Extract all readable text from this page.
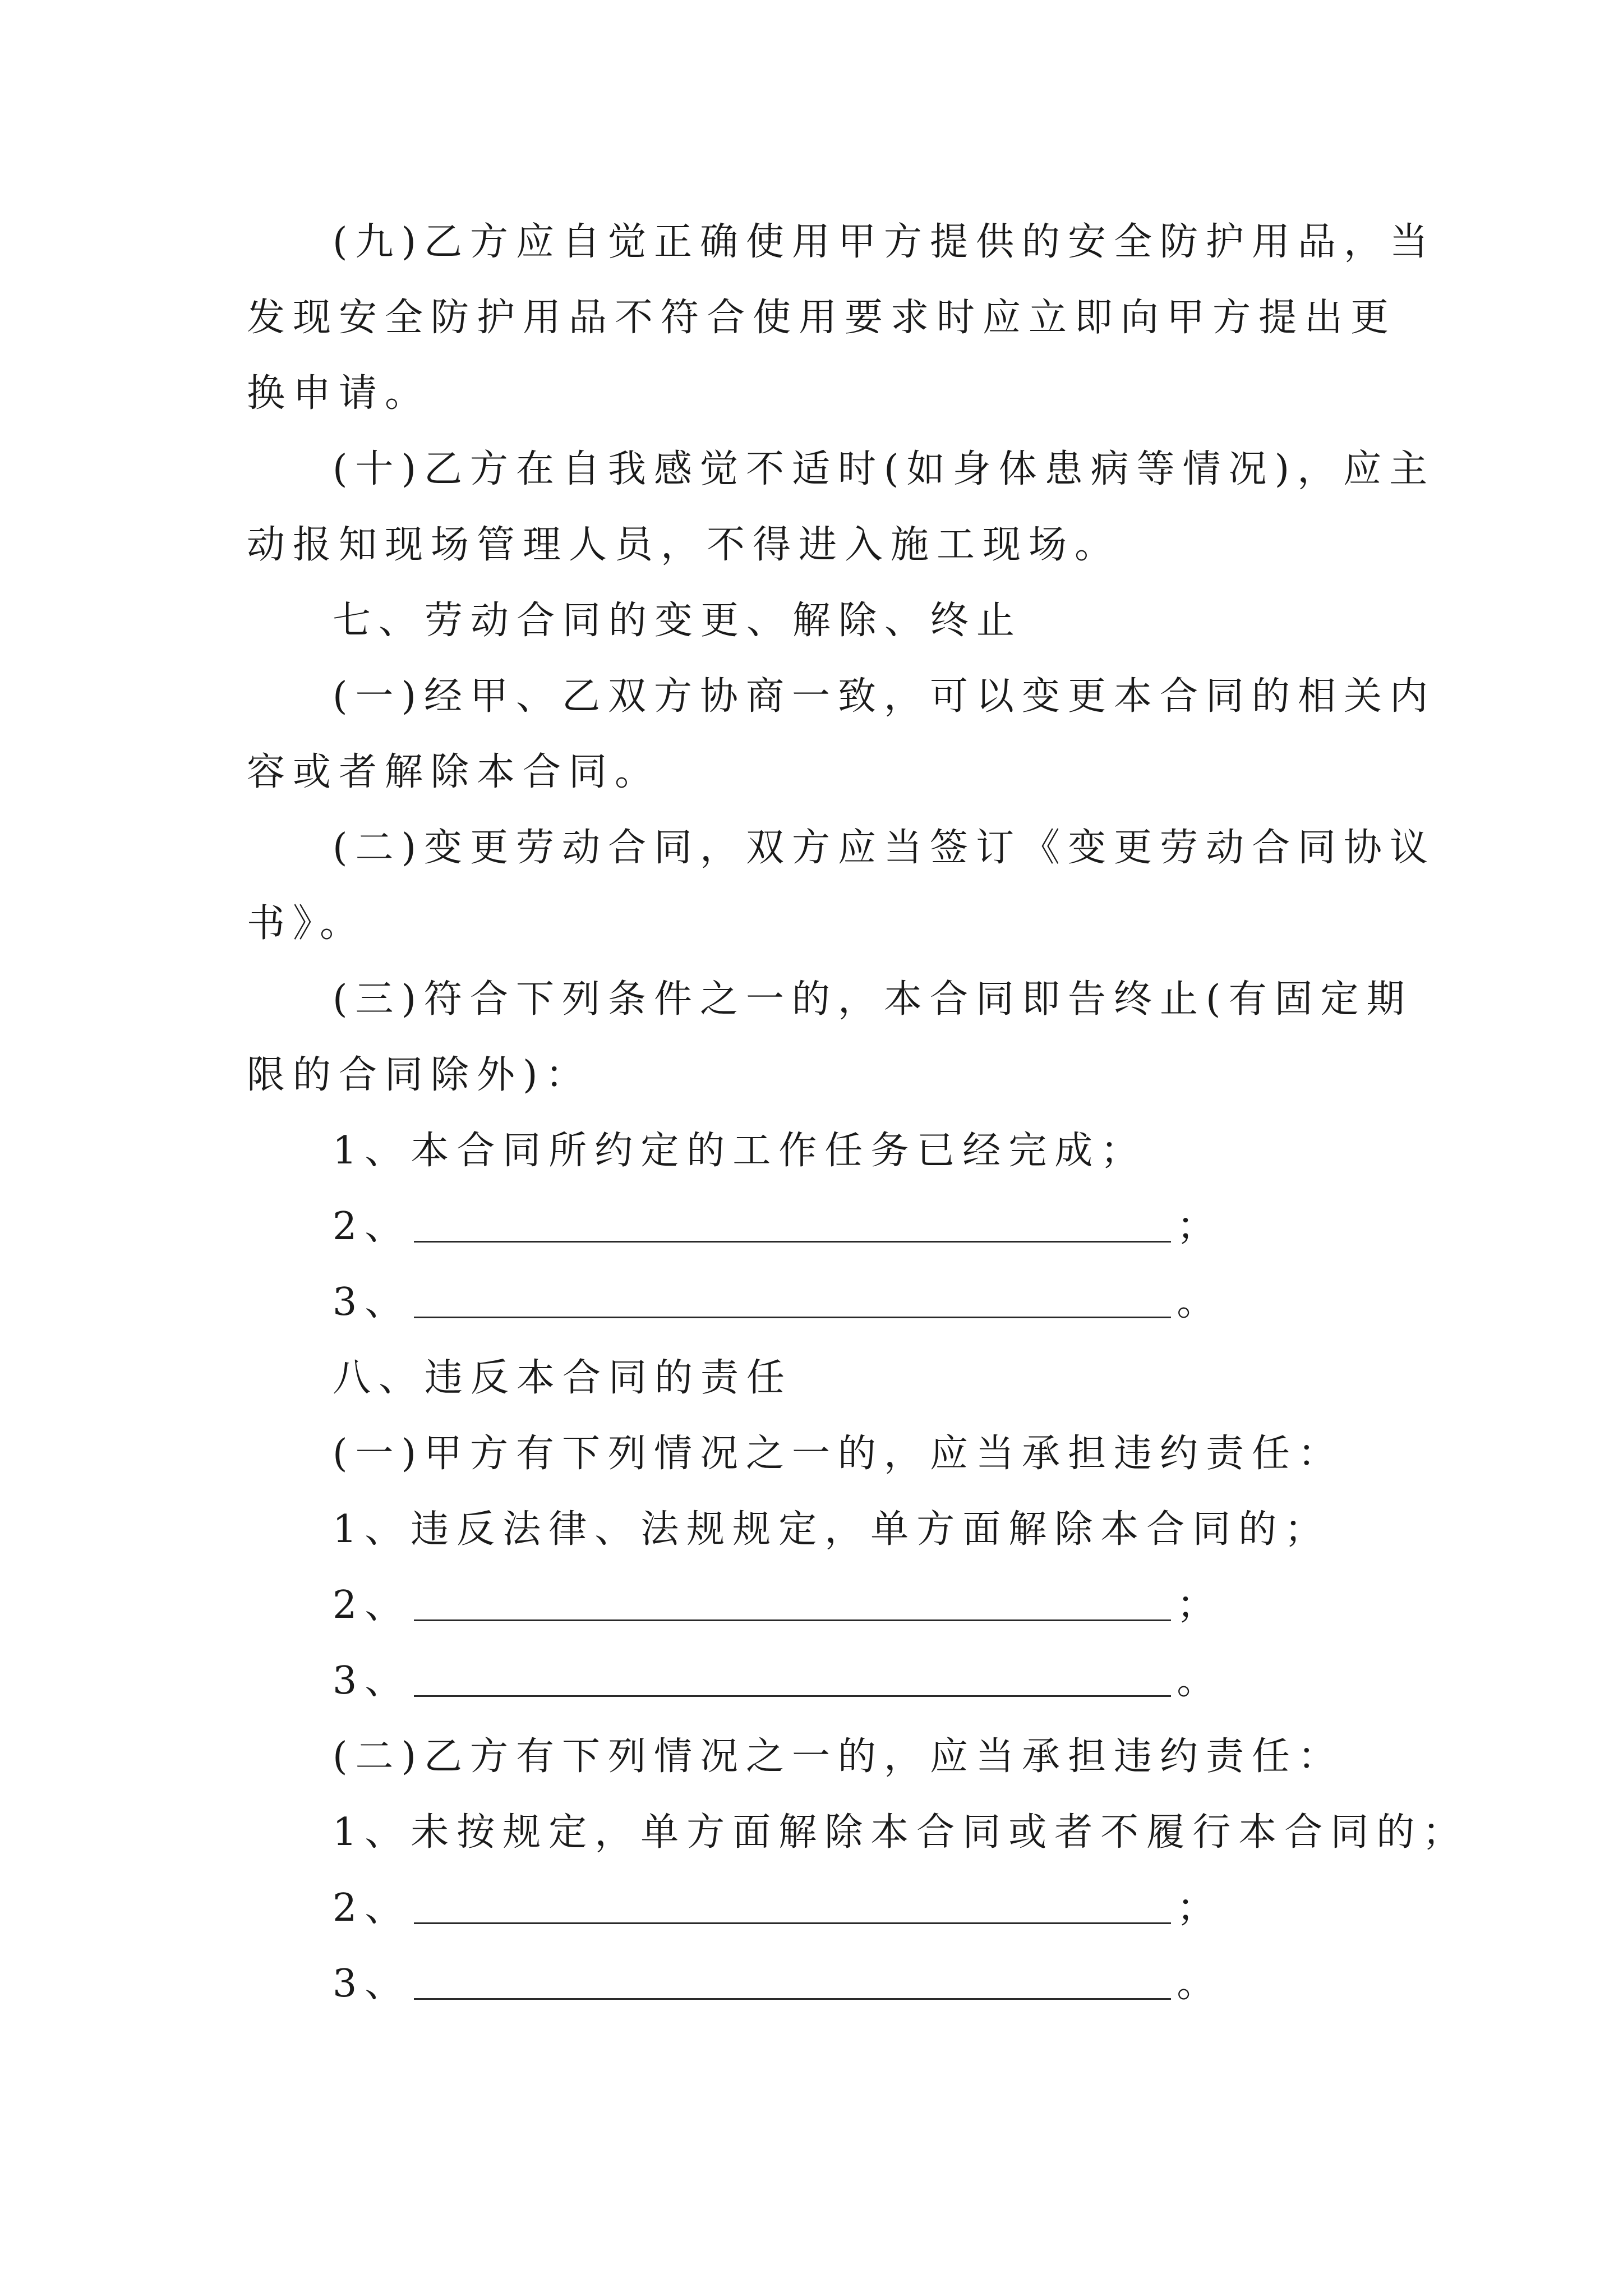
(九)乙方应自觉正确使用甲方提供的安全防护用品，当
发现安全防护用品不符合使用要求时应立即向甲方提出更
换申请。
(十)乙方在自我感觉不适时(如身体患病等情况)，应主
动报知现场管理人员，不得进入施工现场。
七、劳动合同的变更、解除、终止
(一)经甲、乙双方协商一致，可以变更本合同的相关内
容或者解除本合同。
(二)变更劳动合同，双方应当签订《变更劳动合同协议
书》。
(三)符合下列条件之一的，本合同即告终止(有固定期
限的合同除外)：
1、本合同所约定的工作任务已经完成；
2、	；
3、	。
八、违反本合同的责任
(一)甲方有下列情况之一的，应当承担违约责任：
1、违反法律、法规规定，单方面解除本合同的；
2、	；
3、	。
(二)乙方有下列情况之一的，应当承担违约责任：
1、未按规定，单方面解除本合同或者不履行本合同的；
2、	；
3、	。
